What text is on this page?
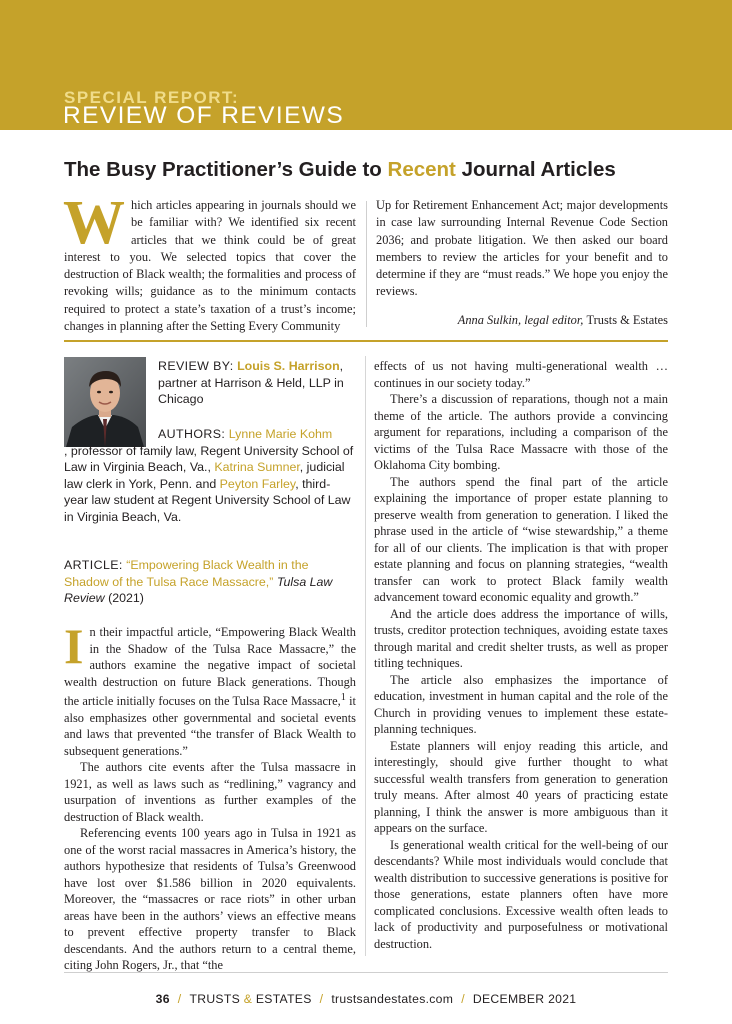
SPECIAL REPORT:
REVIEW OF REVIEWS
The Busy Practitioner’s Guide to Recent Journal Articles
Which articles appearing in journals should we be familiar with? We identified six recent articles that we think could be of great interest to you. We selected topics that cover the destruction of Black wealth; the formalities and process of revoking wills; guidance as to the minimum contacts required to protect a state’s taxation of a trust’s income; changes in planning after the Setting Every Community
Up for Retirement Enhancement Act; major developments in case law surrounding Internal Revenue Code Section 2036; and probate litigation. We then asked our board members to review the articles for your benefit and to determine if they are “must reads.” We hope you enjoy the reviews.
Anna Sulkin, legal editor, Trusts & Estates
REVIEW BY: Louis S. Harrison, partner at Harrison & Held, LLP in Chicago
AUTHORS: Lynne Marie Kohm
, professor of family law, Regent University School of Law in Virginia Beach, Va., Katrina Sumner, judicial law clerk in York, Penn. and Peyton Farley, third-year law student at Regent University School of Law in Virginia Beach, Va.
ARTICLE: “Empowering Black Wealth in the Shadow of the Tulsa Race Massacre,” Tulsa Law Review (2021)

In their impactful article, “Empowering Black Wealth in the Shadow of the Tulsa Race Massacre,” the authors examine the negative impact of societal wealth destruction on future Black generations. Though the article initially focuses on the Tulsa Race Massacre,$^1$ it also emphasizes other governmental and societal events and laws that prevented “the transfer of Black Wealth to subsequent generations.”

The authors cite events after the Tulsa massacre in 1921, as well as laws such as “redlining,” vagrancy and usurpation of inventions as further examples of the destruction of Black wealth.

Referencing events 100 years ago in Tulsa in 1921 as one of the worst racial massacres in America’s history, the authors hypothesize that residents of Tulsa’s Greenwood have lost over $1.586 billion in 2020 equivalents. Moreover, the “massacres or race riots” in other urban areas have been in the authors’ views an effective means to prevent effective property transfer to Black descendants. And the authors return to a central theme, citing John Rogers, Jr., that “the

effects of us not having multi-generational wealth … continues in our society today.”

There’s a discussion of reparations, though not a main theme of the article. The authors provide a convincing argument for reparations, including a comparison of the victims of the Tulsa Race Massacre with those of the Oklahoma City bombing.

The authors spend the final part of the article explaining the importance of proper estate planning to preserve wealth from generation to generation. I liked the phrase used in the article of “wise stewardship,” a theme for all of our clients. The implication is that with proper estate planning and focus on planning strategies, “wealth transfer can work to protect Black family wealth advancement toward economic equality and growth.”

And the article does address the importance of wills, trusts, creditor protection techniques, avoiding estate taxes through marital and credit shelter trusts, as well as proper titling techniques.

The article also emphasizes the importance of education, investment in human capital and the role of the Church in providing venues to implement these estate-planning techniques.

Estate planners will enjoy reading this article, and interestingly, should give further thought to what successful wealth transfers from generation to generation truly means. After almost 40 years of practicing estate planning, I think the answer is more ambiguous than it appears on the surface.

Is generational wealth critical for the well-being of our descendants? While most individuals would conclude that wealth distribution to successive generations is positive for those generations, estate planners often have more complicated conclusions. Excessive wealth often leads to lack of productivity and purposefulness or motivational destruction.

36 / TRUSTS & ESTATES / trustsandestates.com / DECEMBER 2021
